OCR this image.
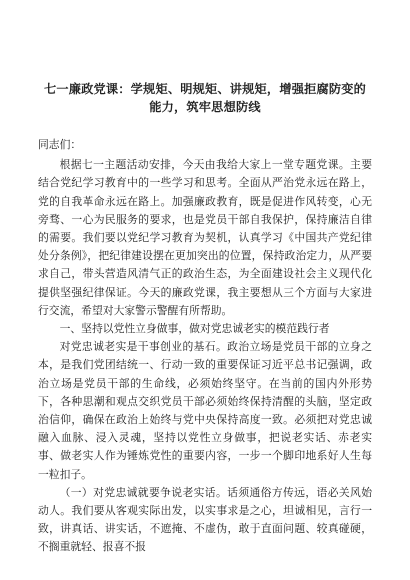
七一廉政党课：学规矩、明规矩、讲规矩，增强拒腐防变的能力，筑牢思想防线

同志们：

根据七一主题活动安排，今天由我给大家上一堂专题党课。主要结合党纪学习教育中的一些学习和思考。全面从严治党永远在路上，党的自我革命永远在路上。加强廉政教育，既是促进作风转变，心无旁骛、一心为民服务的要求，也是党员干部自我保护，保持廉洁自律的需要。我们要以党纪学习教育为契机，认真学习《中国共产党纪律处分条例》，把纪律建设摆在更加突出的位置，保持政治定力，从严要求自己，带头营造风清气正的政治生态，为全面建设社会主义现代化提供坚强纪律保证。今天的廉政党课，我主要想从三个方面与大家进行交流，希望对大家警示警醒有所帮助。

一、坚持以党性立身做事，做对党忠诚老实的模范践行者

对党忠诚老实是干事创业的基石。政治立场是党员干部的立身之本，是我们党团结统一、行动一致的重要保证习近平总书记强调，政治立场是党员干部的生命线，必须始终坚守。在当前的国内外形势下，各种思潮和观点交织党员干部必须始终保持清醒的头脑，坚定政治信仰，确保在政治上始终与党中央保持高度一致。必须把对党忠诚融入血脉、浸入灵魂，坚持以党性立身做事，把说老实话、赤老实事、做老实人作为锤炼党性的重要内容，一步一个脚印地系好人生每一粒扣子。

（一）对党忠诚就要争说老实话。话须通俗方传远，语必关风始动人。我们要从客观实际出发，以实事求是之心，坦诚相见，言行一致，讲真话、讲实话，不遮掩、不虚伪，敢于直面问题、较真碰硬，不搁重就轻、报喜不报
